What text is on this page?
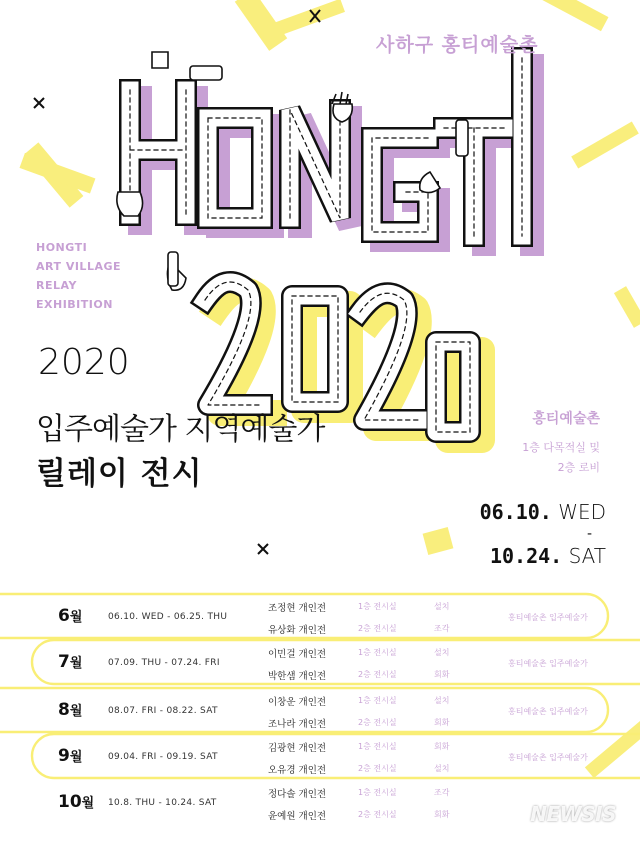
사하구 홍티예술촌
HONGTI
ART VILLAGE
RELAY
EXHIBITION
2020
입주예술가 지역예술가
릴레이 전시
홍티예술촌
1층 다목적실 및
2층 로비
06.10. WED
-
10.24. SAT
6월	06.10. WED - 06.25. THU
조정현 개인전	1층 전시실	설치
유상화 개인전	2층 전시실	조각
홍티예술촌 입주예술가
7월	07.09. THU - 07.24. FRI
이민걸 개인전	1층 전시실	설치
박한샘 개인전	2층 전시실	회화
홍티예술촌 입주예술가
8월	08.07. FRI - 08.22. SAT
이창운 개인전	1층 전시실	설치
조나라 개인전	2층 전시실	회화
홍티예술촌 입주예술가
9월	09.04. FRI - 09.19. SAT
김광현 개인전	1층 전시실	회화
오유경 개인전	2층 전시실	설치
홍티예술촌 입주예술가
10월 10.8. THU - 10.24. SAT
정다솔 개인전	1층 전시실	조각
윤예원 개인전	2층 전시실	회화	NEWSIS
